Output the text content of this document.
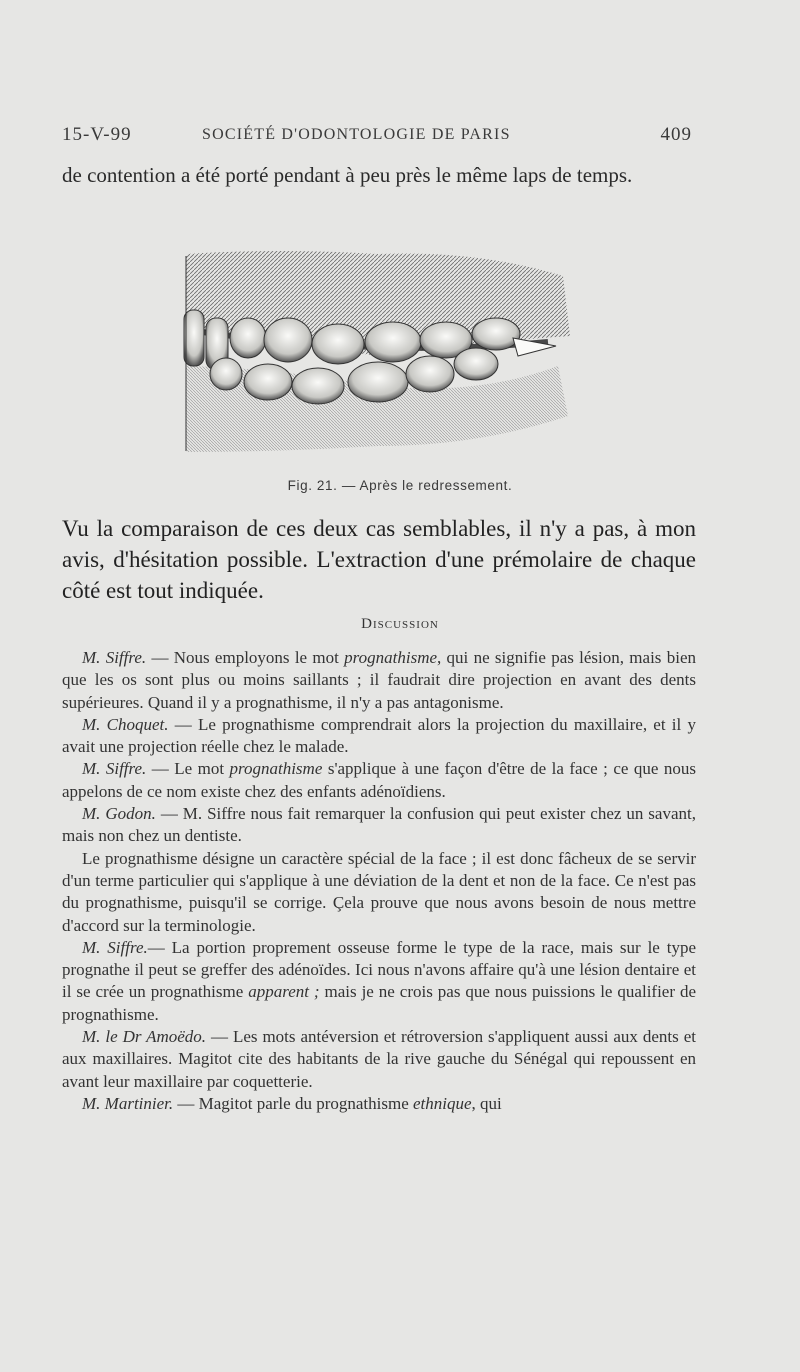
15-V-99	SOCIÉTÉ D'ODONTOLOGIE DE PARIS	409
de contention a été porté pendant à peu près le même laps de temps.
Fig. 21. — Après le redressement.
Vu la comparaison de ces deux cas semblables, il n'y a pas, à mon avis, d'hésitation possible. L'extraction d'une prémolaire de chaque côté est tout indiquée.
Discussion

M. Siffre. — Nous employons le mot prognathisme, qui ne signifie pas lésion, mais bien que les os sont plus ou moins saillants ; il faudrait dire projection en avant des dents supérieures. Quand il y a prognathisme, il n'y a pas antagonisme.

M. Choquet. — Le prognathisme comprendrait alors la projection du maxillaire, et il y avait une projection réelle chez le malade.

M. Siffre. — Le mot prognathisme s'applique à une façon d'être de la face ; ce que nous appelons de ce nom existe chez des enfants adénoïdiens.

M. Godon. — M. Siffre nous fait remarquer la confusion qui peut exister chez un savant, mais non chez un dentiste.

Le prognathisme désigne un caractère spécial de la face ; il est donc fâcheux de se servir d'un terme particulier qui s'applique à une déviation de la dent et non de la face. Ce n'est pas du prognathisme, puisqu'il se corrige. Çela prouve que nous avons besoin de nous mettre d'accord sur la terminologie.

M. Siffre.— La portion proprement osseuse forme le type de la race, mais sur le type prognathe il peut se greffer des adénoïdes. Ici nous n'avons affaire qu'à une lésion dentaire et il se crée un prognathisme apparent ; mais je ne crois pas que nous puissions le qualifier de prognathisme.

M. le Dr Amoëdo. — Les mots antéversion et rétroversion s'appliquent aussi aux dents et aux maxillaires. Magitot cite des habitants de la rive gauche du Sénégal qui repoussent en avant leur maxillaire par coquetterie.

M. Martinier. — Magitot parle du prognathisme ethnique, qui
